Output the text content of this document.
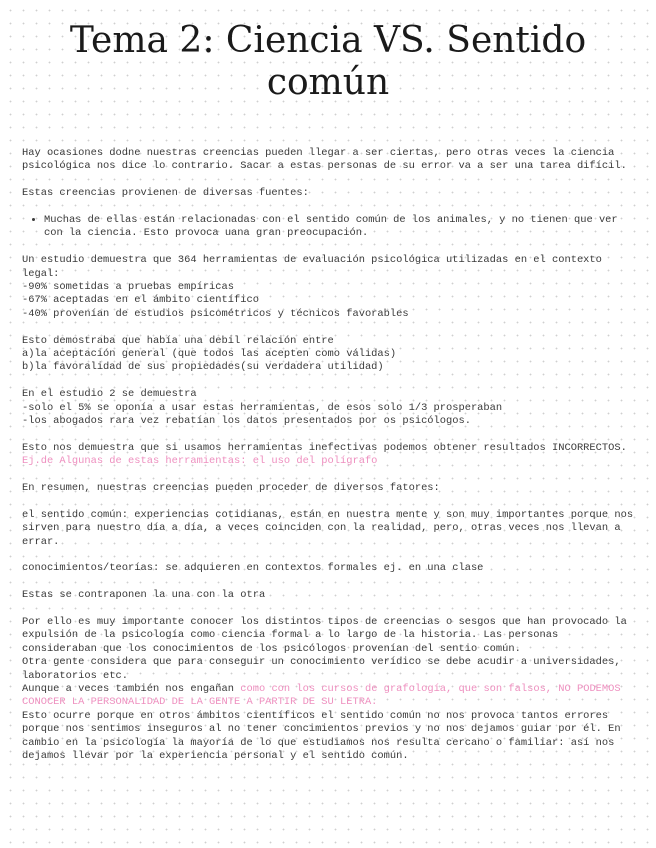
Tema 2: Ciencia VS. Sentido común

Hay ocasiones dodne nuestras creencias pueden llegar a ser ciertas, pero otras veces la ciencia psicológica nos dice lo contrario. Sacar a estas personas de su error va a ser una tarea difícil.

Estas creencias provienen de diversas fuentes:

• Muchas de ellas están relacionadas con el sentido común de los animales, y no tienen que ver con la ciencia. Esto provoca uana gran preocupación.

Un estudio demuestra que 364 herramientas de evaluación psicológica utilizadas en el contexto legal:
-90% sometidas a pruebas empíricas
-67% aceptadas en el ámbito científico
-40% provenían de estudios psicométricos y técnicos favorables

Esto demostraba que había una debil relación entre
a)la aceptación general (que todos las acepten como válidas)
b)la favoralidad de sus propiedades(su verdadera utilidad)

En el estudio 2 se demuestra
-solo el 5% se oponía a usar estas herramientas, de esos solo 1/3 prosperaban
-los abogados rara vez rebatían los datos presentados por os psicólogos.

Esto nos demuestra que si usamos herramientas inefectivas podemos obtener resultados INCORRECTOS. Ej.de Algunas de estas herramientas: el uso del polígrafo

En resumen, nuestras creencias pueden proceder de diversos fatores:

el sentido común: experiencias cotidianas, están en nuestra mente y son muy importantes porque nos sirven para nuestro día a día, a veces coinciden con la realidad, pero, otras veces nos llevan a errar.

conocimientos/teorías: se adquieren en contextos formales ej. en una clase

Estas se contraponen la una con la otra

Por ello es muy importante conocer los distintos tipos de creencias o sesgos que han provocado la expulsión de la psicología como ciencia formal a lo largo de la historia. Las personas consideraban que los conocimientos de los psicólogos provenían del sentio común.
Otra gente considera que para conseguir un conocimiento verídico se debe acudir a universidades, laboratorios etc.
Aunque a veces también nos engañan como con los cursos de grafología, que son falsos, NO PODEMOS CONOCER LA PERSONALIDAD DE LA GENTE A PARTIR DE SU LETRA.
Esto ocurre porque en otros ámbitos científicos el sentido común no nos provoca tantos errores porque nos sentimos inseguros al no tener concimientos previos y no nos dejamos guiar por él. En cambio en la psicología la mayoría de lo que estudiamos nos resulta cercano o familiar: así nos dejamos llevar por la experiencia personal y el sentido común.
